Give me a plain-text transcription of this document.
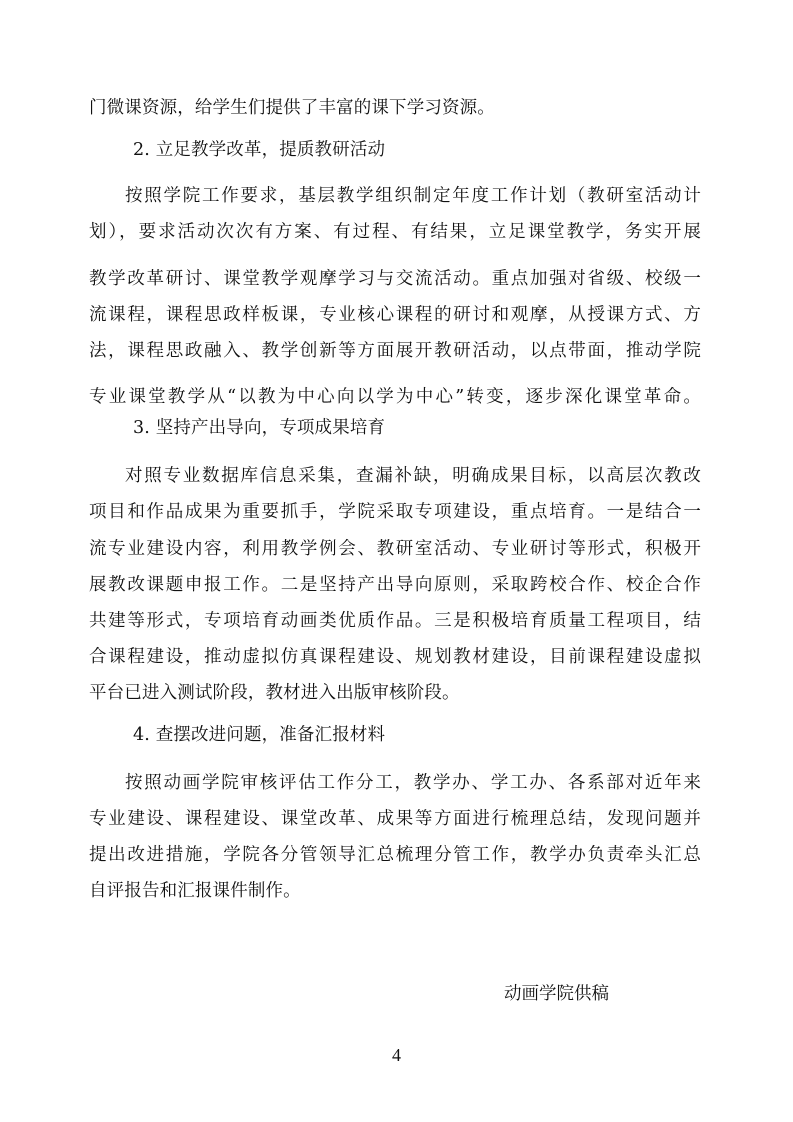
门微课资源，给学生们提供了丰富的课下学习资源。
2. 立足教学改革，提质教研活动
按照学院工作要求，基层教学组织制定年度工作计划（教研室活动计
划），要求活动次次有方案、有过程、有结果，立足课堂教学，务实开展
教学改革研讨、课堂教学观摩学习与交流活动。重点加强对省级、校级一
流课程，课程思政样板课，专业核心课程的研讨和观摩，从授课方式、方
法，课程思政融入、教学创新等方面展开教研活动，以点带面，推动学院
专业课堂教学从“以教为中心向以学为中心”转变，逐步深化课堂革命。
3. 坚持产出导向，专项成果培育
对照专业数据库信息采集，查漏补缺，明确成果目标，以高层次教改
项目和作品成果为重要抓手，学院采取专项建设，重点培育。一是结合一
流专业建设内容，利用教学例会、教研室活动、专业研讨等形式，积极开
展教改课题申报工作。二是坚持产出导向原则，采取跨校合作、校企合作
共建等形式，专项培育动画类优质作品。三是积极培育质量工程项目，结
合课程建设，推动虚拟仿真课程建设、规划教材建设，目前课程建设虚拟
平台已进入测试阶段，教材进入出版审核阶段。
4. 查摆改进问题，准备汇报材料
按照动画学院审核评估工作分工，教学办、学工办、各系部对近年来
专业建设、课程建设、课堂改革、成果等方面进行梳理总结，发现问题并
提出改进措施，学院各分管领导汇总梳理分管工作，教学办负责牵头汇总
自评报告和汇报课件制作。
动画学院供稿
4
